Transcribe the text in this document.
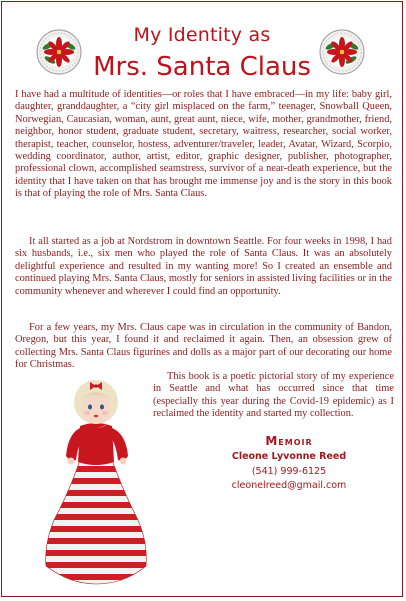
My Identity as
Mrs. Santa Claus
I have had a multitude of identities—or roles that I have embraced—in my life: baby girl, daughter, granddaughter, a “city girl misplaced on the farm,” teenager, Snowball Queen, Norwegian, Caucasian, woman, aunt, great aunt, niece, wife, mother, grandmother, friend, neighbor, honor student, graduate student, secretary, waitress, researcher, social worker, therapist, teacher, counselor, hostess, adventurer/traveler, leader, Avatar, Wizard, Scorpio, wedding coordinator, author, artist, editor, graphic designer, publisher, photographer, professional clown, accomplished seamstress, survivor of a near-death experience, but the identity that I have taken on that has brought me immense joy and is the story in this book is that of playing the role of Mrs. Santa Claus.
It all started as a job at Nordstrom in downtown Seattle. For four weeks in 1998, I had six husbands, i.e., six men who played the role of Santa Claus. It was an absolutely delightful experience and resulted in my wanting more! So I created an ensemble and continued playing Mrs. Santa Claus, mostly for seniors in assisted living facilities or in the community whenever and wherever I could find an opportunity.
For a few years, my Mrs. Claus cape was in circulation in the community of Bandon, Oregon, but this year, I found it and reclaimed it again. Then, an obsession grew of collecting Mrs. Santa Claus figurines and dolls as a major part of our decorating our home for Christmas.
This book is a poetic pictorial story of my experience in Seattle and what has occurred since that time (especially this year during the Covid-19 epidemic) as I reclaimed the identity and started my collection.
Memoir
Cleone Lyvonne Reed
(541) 999-6125
cleonelreed@gmail.com
